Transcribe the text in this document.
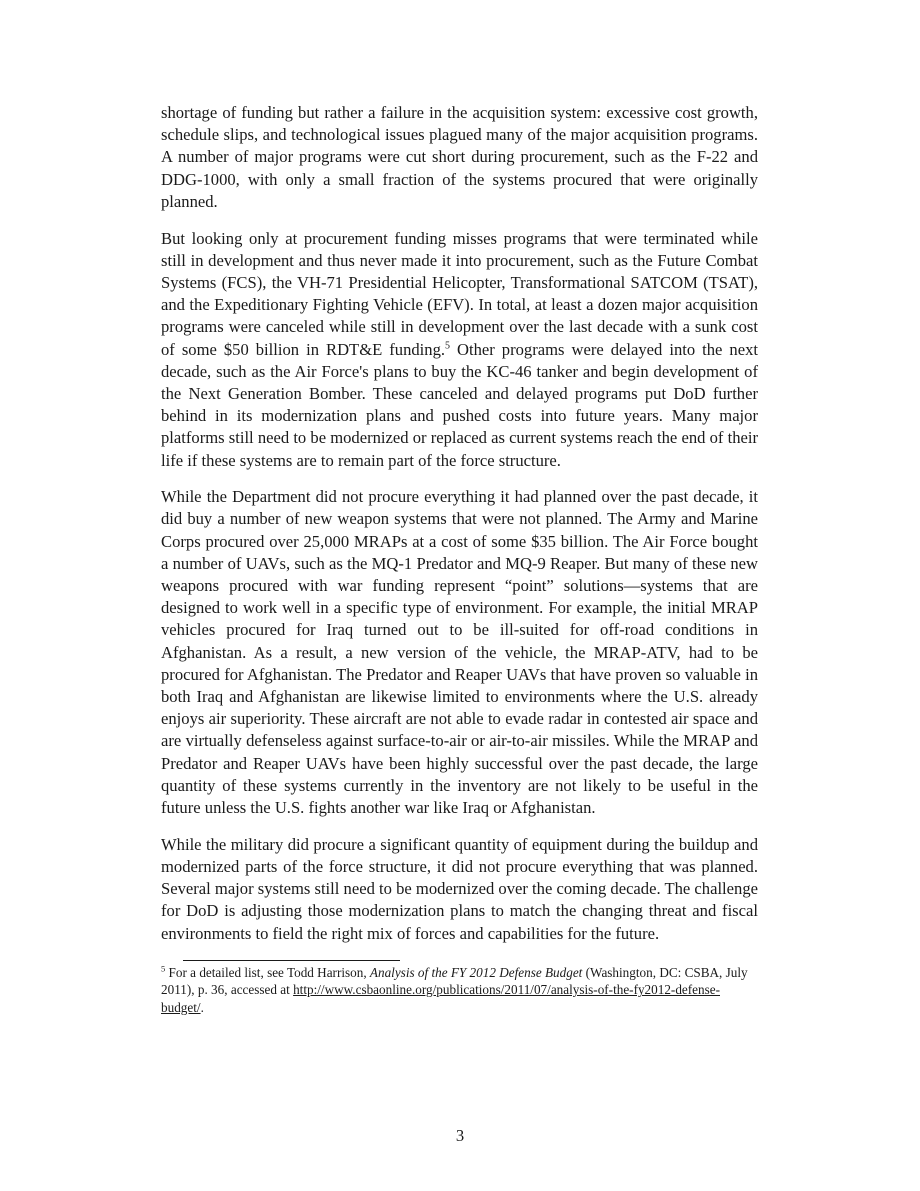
shortage of funding but rather a failure in the acquisition system: excessive cost growth, schedule slips, and technological issues plagued many of the major acquisition programs. A number of major programs were cut short during procurement, such as the F-22 and DDG-1000, with only a small fraction of the systems procured that were originally planned.

But looking only at procurement funding misses programs that were terminated while still in development and thus never made it into procurement, such as the Future Combat Systems (FCS), the VH-71 Presidential Helicopter, Transformational SATCOM (TSAT), and the Expeditionary Fighting Vehicle (EFV). In total, at least a dozen major acquisition programs were canceled while still in development over the last decade with a sunk cost of some $50 billion in RDT&E funding.$^5$ Other programs were delayed into the next decade, such as the Air Force's plans to buy the KC-46 tanker and begin development of the Next Generation Bomber. These canceled and delayed programs put DoD further behind in its modernization plans and pushed costs into future years. Many major platforms still need to be modernized or replaced as current systems reach the end of their life if these systems are to remain part of the force structure.

While the Department did not procure everything it had planned over the past decade, it did buy a number of new weapon systems that were not planned. The Army and Marine Corps procured over 25,000 MRAPs at a cost of some $35 billion. The Air Force bought a number of UAVs, such as the MQ-1 Predator and MQ-9 Reaper. But many of these new weapons procured with war funding represent “point” solutions—systems that are designed to work well in a specific type of environment. For example, the initial MRAP vehicles procured for Iraq turned out to be ill-suited for off-road conditions in Afghanistan. As a result, a new version of the vehicle, the MRAP-ATV, had to be procured for Afghanistan. The Predator and Reaper UAVs that have proven so valuable in both Iraq and Afghanistan are likewise limited to environments where the U.S. already enjoys air superiority. These aircraft are not able to evade radar in contested air space and are virtually defenseless against surface-to-air or air-to-air missiles. While the MRAP and Predator and Reaper UAVs have been highly successful over the past decade, the large quantity of these systems currently in the inventory are not likely to be useful in the future unless the U.S. fights another war like Iraq or Afghanistan.

While the military did procure a significant quantity of equipment during the buildup and modernized parts of the force structure, it did not procure everything that was planned. Several major systems still need to be modernized over the coming decade. The challenge for DoD is adjusting those modernization plans to match the changing threat and fiscal environments to field the right mix of forces and capabilities for the future.

$^5$ For a detailed list, see Todd Harrison, Analysis of the FY 2012 Defense Budget (Washington, DC: CSBA, July 2011), p. 36, accessed at http://www.csbaonline.org/publications/2011/07/analysis-of-the-fy2012-defense-budget/.

3
